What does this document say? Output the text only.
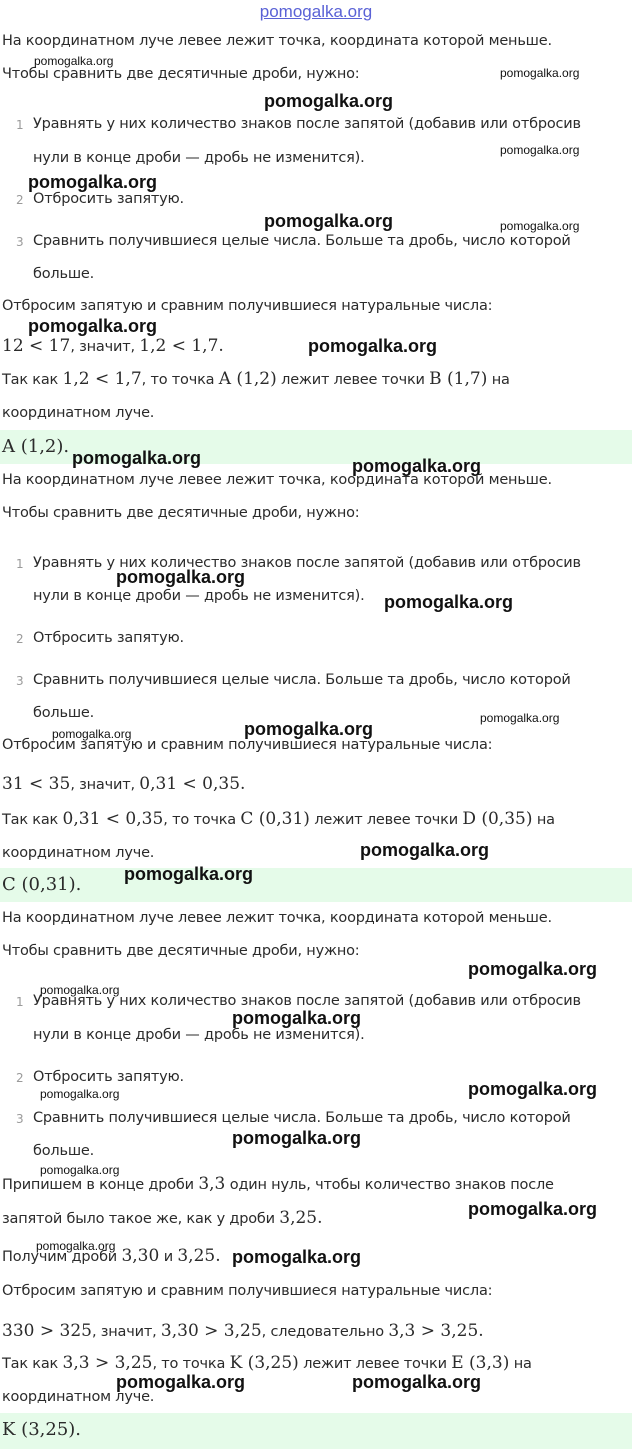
pomogalka.org
На координатном луче левее лежит точка, координата которой меньше.
Чтобы сравнить две десятичные дроби, нужно:
1 Уравнять у них количество знаков после запятой (добавив или отбросив
нули в конце дроби — дробь не изменится).
2 Отбросить запятую.
3 Сравнить получившиеся целые числа. Больше та дробь, число которой
больше.
Отбросим запятую и сравним получившиеся натуральные числа:
12 < 17, значит, 1,2 < 1,7.
Так как 1,2 < 1,7, то точка A (1,2) лежит левее точки B (1,7) на
координатном луче.
A (1,2).
На координатном луче левее лежит точка, координата которой меньше.
Чтобы сравнить две десятичные дроби, нужно:
1 Уравнять у них количество знаков после запятой (добавив или отбросив
нули в конце дроби — дробь не изменится).
2 Отбросить запятую.
3 Сравнить получившиеся целые числа. Больше та дробь, число которой
больше.
Отбросим запятую и сравним получившиеся натуральные числа:
31 < 35, значит, 0,31 < 0,35.
Так как 0,31 < 0,35, то точка C (0,31) лежит левее точки D (0,35) на
координатном луче.
C (0,31).
На координатном луче левее лежит точка, координата которой меньше.
Чтобы сравнить две десятичные дроби, нужно:
1 Уравнять у них количество знаков после запятой (добавив или отбросив
нули в конце дроби — дробь не изменится).
2 Отбросить запятую.
3 Сравнить получившиеся целые числа. Больше та дробь, число которой
больше.
Припишем в конце дроби 3,3 один нуль, чтобы количество знаков после
запятой было такое же, как у дроби 3,25.
Получим дроби 3,30 и 3,25.
Отбросим запятую и сравним получившиеся натуральные числа:
330 > 325, значит, 3,30 > 3,25, следовательно 3,3 > 3,25.
Так как 3,3 > 3,25, то точка K (3,25) лежит левее точки E (3,3) на
координатном луче.
K (3,25).
pomogalka.org
pomogalka.org
pomogalka.org
pomogalka.org
pomogalka.org
pomogalka.org	pomogalka.org
pomogalka.org
pomogalka.org
pomogalka.org	pomogalka.org
pomogalka.org
pomogalka.org
pomogalka.org
pomogalka.org
pomogalka.org
pomogalka.org
pomogalka.org
pomogalka.org
pomogalka.org
pomogalka.org
pomogalka.org
pomogalka.org
pomogalka.org
pomogalka.org
pomogalka.org
pomogalka.org
pomogalka.org
pomogalka.org	pomogalka.org
